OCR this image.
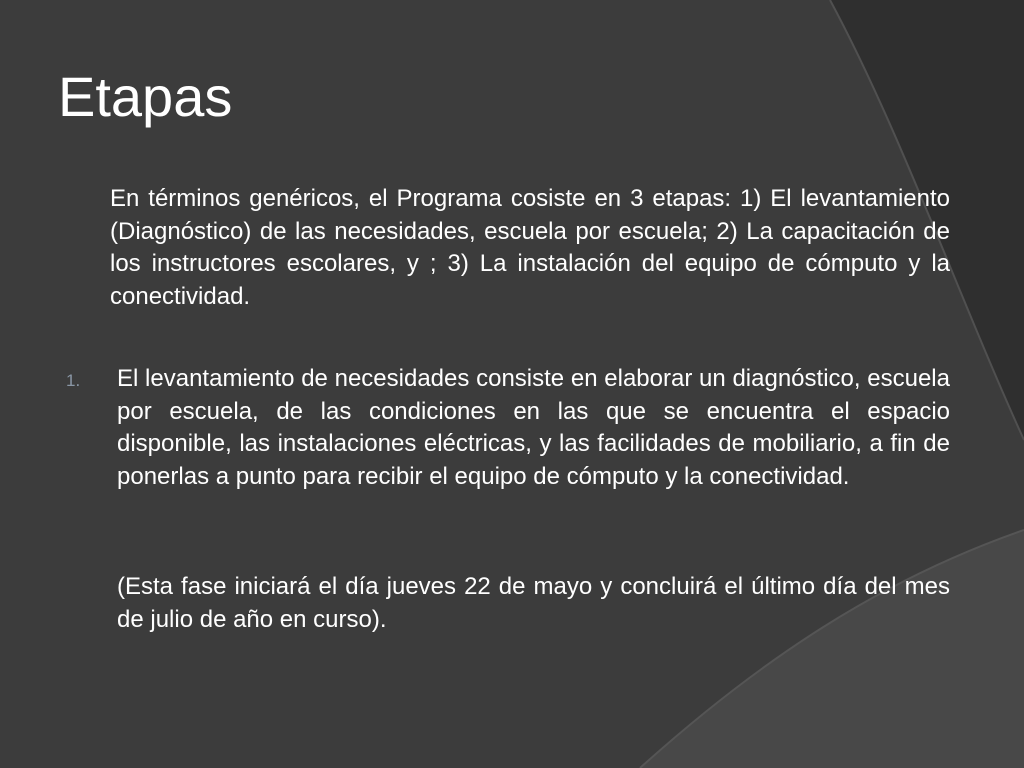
Etapas

En términos genéricos, el Programa cosiste en 3 etapas: 1) El levantamiento (Diagnóstico) de las necesidades, escuela por escuela; 2) La capacitación de los instructores escolares, y ; 3) La instalación del equipo de cómputo y la conectividad.

1. El levantamiento de necesidades consiste en elaborar un diagnóstico, escuela por escuela, de las condiciones en las que se encuentra el espacio disponible, las instalaciones eléctricas, y las facilidades de mobiliario, a fin de ponerlas a punto para recibir el equipo de cómputo y la conectividad.

(Esta fase iniciará el día jueves 22 de mayo y concluirá el último día del mes de julio de año en curso).
